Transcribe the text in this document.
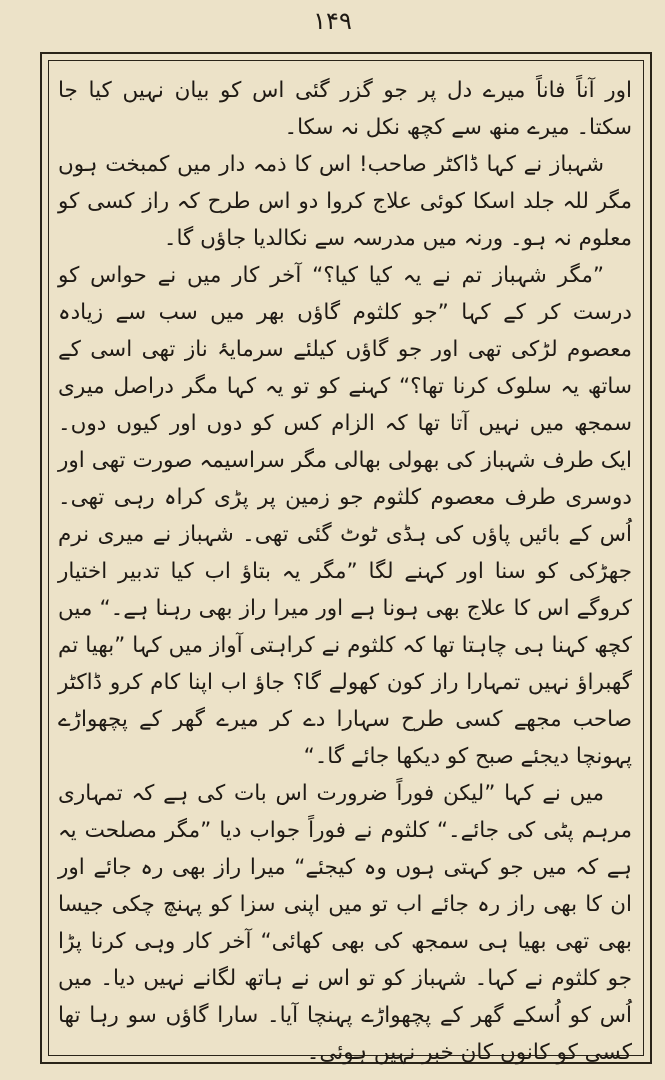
۱۴۹

اور آناً فاناً میرے دل پر جو گزر گئی اس کو بیان نہیں کیا جا سکتا۔ میرے منھ سے کچھ نکل نہ سکا۔

شہباز نے کہا ڈاکٹر صاحب! اس کا ذمہ دار میں کمبخت ہوں مگر للہ جلد اسکا کوئی علاج کروا دو اس طرح کہ راز کسی کو معلوم نہ ہو۔ ورنہ میں مدرسہ سے نکالدیا جاؤں گا۔

”مگر شہباز تم نے یہ کیا کیا؟“ آخر کار میں نے حواس کو درست کر کے کہا ”جو کلثوم گاؤں بھر میں سب سے زیادہ معصوم لڑکی تھی اور جو گاؤں کیلئے سرمایۂ ناز تھی اسی کے ساتھ یہ سلوک کرنا تھا؟“ کہنے کو تو یہ کہا مگر دراصل میری سمجھ میں نہیں آتا تھا کہ الزام کس کو دوں اور کیوں دوں۔ ایک طرف شہباز کی بھولی بھالی مگر سراسیمہ صورت تھی اور دوسری طرف معصوم کلثوم جو زمین پر پڑی کراہ رہی تھی۔ اُس کے بائیں پاؤں کی ہڈی ٹوٹ گئی تھی۔ شہباز نے میری نرم جھڑکی کو سنا اور کہنے لگا ”مگر یہ بتاؤ اب کیا تدبیر اختیار کروگے اس کا علاج بھی ہونا ہے اور میرا راز بھی رہنا ہے۔“ میں کچھ کہنا ہی چاہتا تھا کہ کلثوم نے کراہتی آواز میں کہا ”بھیا تم گھبراؤ نہیں تمہارا راز کون کھولے گا؟ جاؤ اب اپنا کام کرو ڈاکٹر صاحب مجھے کسی طرح سہارا دے کر میرے گھر کے پچھواڑے پہونچا دیجئے صبح کو دیکھا جائے گا۔“

میں نے کہا ”لیکن فوراً ضرورت اس بات کی ہے کہ تمہاری مرہم پٹی کی جائے۔“ کلثوم نے فوراً جواب دیا ”مگر مصلحت یہ ہے کہ میں جو کہتی ہوں وہ کیجئے“ میرا راز بھی رہ جائے اور ان کا بھی راز رہ جائے اب تو میں اپنی سزا کو پہنچ چکی جیسا بھی تھی بھیا ہی سمجھ کی بھی کھائی“ آخر کار وہی کرنا پڑا جو کلثوم نے کہا۔ شہباز کو تو اس نے ہاتھ لگانے نہیں دیا۔ میں اُس کو اُسکے گھر کے پچھواڑے پہنچا آیا۔ سارا گاؤں سو رہا تھا کسی کو کانوں کان خبر نہیں ہوئی۔
